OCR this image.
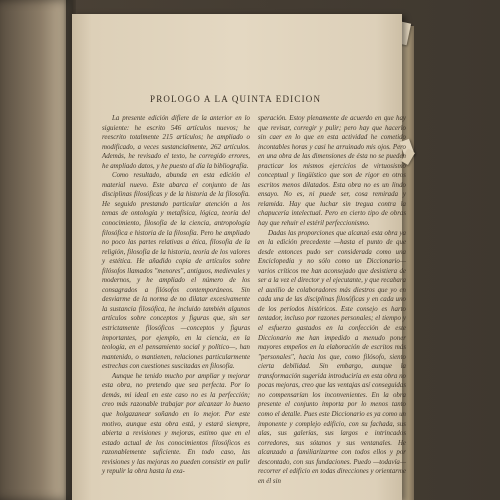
PROLOGO A LA QUINTA EDICION

La presente edición difiere de la anterior en lo siguiente: he escrito 546 artículos nuevos; he reescrito totalmente 215 artículos; he ampliado o modificado, a veces sustancialmente, 262 artículos. Además, he revisado el texto, he corregido errores, he ampliado datos, y he puesto al día la bibliografía.

Como resultado, abunda en esta edición el material nuevo. Este abarca el conjunto de las disciplinas filosóficas y de la historia de la filosofía. He seguido prestando particular atención a los temas de ontología y metafísica, lógica, teoría del conocimiento, filosofía de la ciencia, antropología filosófica e historia de la filosofía. Pero he ampliado no poco las partes relativas a ética, filosofía de la religión, filosofía de la historia, teoría de los valores y estética. He añadido copia de artículos sobre filósofos llamados "menores", antiguos, medievales y modernos, y he ampliado el número de los consagrados a filósofos contemporáneos. Sin desviarme de la norma de no dilatar excesivamente la sustancia filosófica, he incluido también algunos artículos sobre conceptos y figuras que, sin ser estrictamente filosóficos —conceptos y figuras importantes, por ejemplo, en la ciencia, en la teología, en el pensamiento social y político—, han mantenido, o mantienen, relaciones particularmente estrechas con cuestiones suscitadas en filosofía.

Aunque he tenido mucho por ampliar y mejorar esta obra, no pretendo que sea perfecta. Por lo demás, mi ideal en este caso no es la perfección; creo más razonable trabajar por alcanzar lo bueno que holgazanear soñando en lo mejor. Por este motivo, aunque esta obra está, y estará siempre, abierta a revisiones y mejoras, estimo que en el estado actual de los conocimientos filosóficos es razonablemente suficiente. En todo caso, las revisiones y las mejoras no pueden consistir en pulir y repulir la obra hasta la exa-

speración. Estoy plenamente de acuerdo en que hay que revisar, corregir y pulir; pero hay que hacerlo sin caer en lo que en esta actividad he cometido incontables horas y casi he arruinado mis ojos. Pero en una obra de las dimensiones de ésta no se pueden practicar los mismos ejercicios de virtuosismo conceptual y lingüístico que son de rigor en otros escritos menos dilatados. Esta obra no es un lindo ensayo. No es, ni puede ser, cosa remirada y relamida. Hay que luchar sin tregua contra la chapucería intelectual. Pero en cierto tipo de obras hay que rehuir el estéril perfeccionismo.

Dadas las proporciones que alcanzó esta obra ya en la edición precedente —hasta el punto de que desde entonces pudo ser considerada como una Enciclopedia y no sólo como un Diccionario— varios críticos me han aconsejado que desistiera de ser a la vez el director y el ejecutante, y que recabara el auxilio de colaboradores más diestros que yo en cada una de las disciplinas filosóficas y en cada uno de los períodos históricos. Este consejo es harto tentador, incluso por razones personales; el tiempo y el esfuerzo gastados en la confección de este Diccionario me han impedido a menudo poner mayores empeños en la elaboración de escritos más "personales", hacia los que, como filósofo, siento cierta debilidad. Sin embargo, aunque la transformación sugerida introduciría en esta obra no pocas mejoras, creo que las ventajas así conseguidas no compensarían los inconvenientes. En la obra presente el conjunto importa por lo menos tanto como el detalle. Pues este Diccionario es ya como un imponente y complejo edificio, con su fachada, sus alas, sus galerías, sus largos e intrincados corredores, sus sótanos y sus ventanales. He alcanzado a familiarizarme con todos ellos y por descontado, con sus fundaciones. Puedo —todavía— recorrer el edificio en todas direcciones y orientarme en él sin
